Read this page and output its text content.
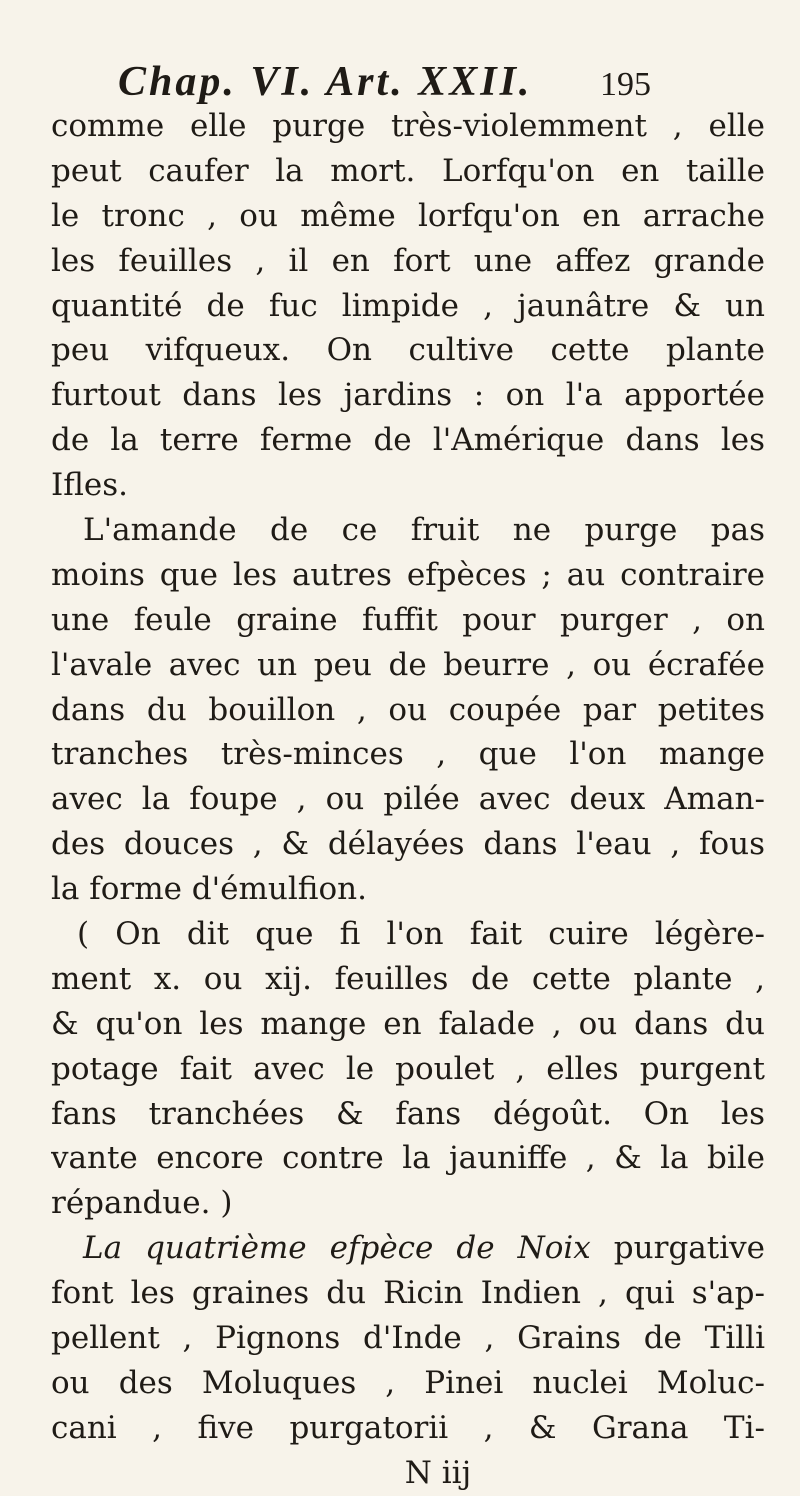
Chap. VI. Art. XXII. 195
comme elle purge très-violemment , elle
peut caufer la mort. Lorfqu'on en taille
le tronc , ou même lorfqu'on en arrache
les feuilles , il en fort une affez grande
quantité de fuc limpide , jaunâtre & un
peu vifqueux. On cultive cette plante
furtout dans les jardins : on l'a apportée
de la terre ferme de l'Amérique dans les
Ifles.
L'amande de ce fruit ne purge pas
moins que les autres efpèces ; au contraire
une feule graine fuffit pour purger , on
l'avale avec un peu de beurre , ou écrafée
dans du bouillon , ou coupée par petites
tranches très-minces , que l'on mange
avec la foupe , ou pilée avec deux Aman-
des douces , & délayées dans l'eau , fous
la forme d'émulfion.
( On dit que fi l'on fait cuire légère-
ment x. ou xij. feuilles de cette plante ,
& qu'on les mange en falade , ou dans du
potage fait avec le poulet , elles purgent
fans tranchées & fans dégoût. On les
vante encore contre la jauniffe , & la bile
répandue. )
La quatrième efpèce de Noix purgative
font les graines du Ricin Indien , qui s'ap-
pellent , Pignons d'Inde , Grains de Tilli
ou des Moluques , Pinei nuclei Moluc-
cani , five purgatorii , & Grana Ti-
N iij
